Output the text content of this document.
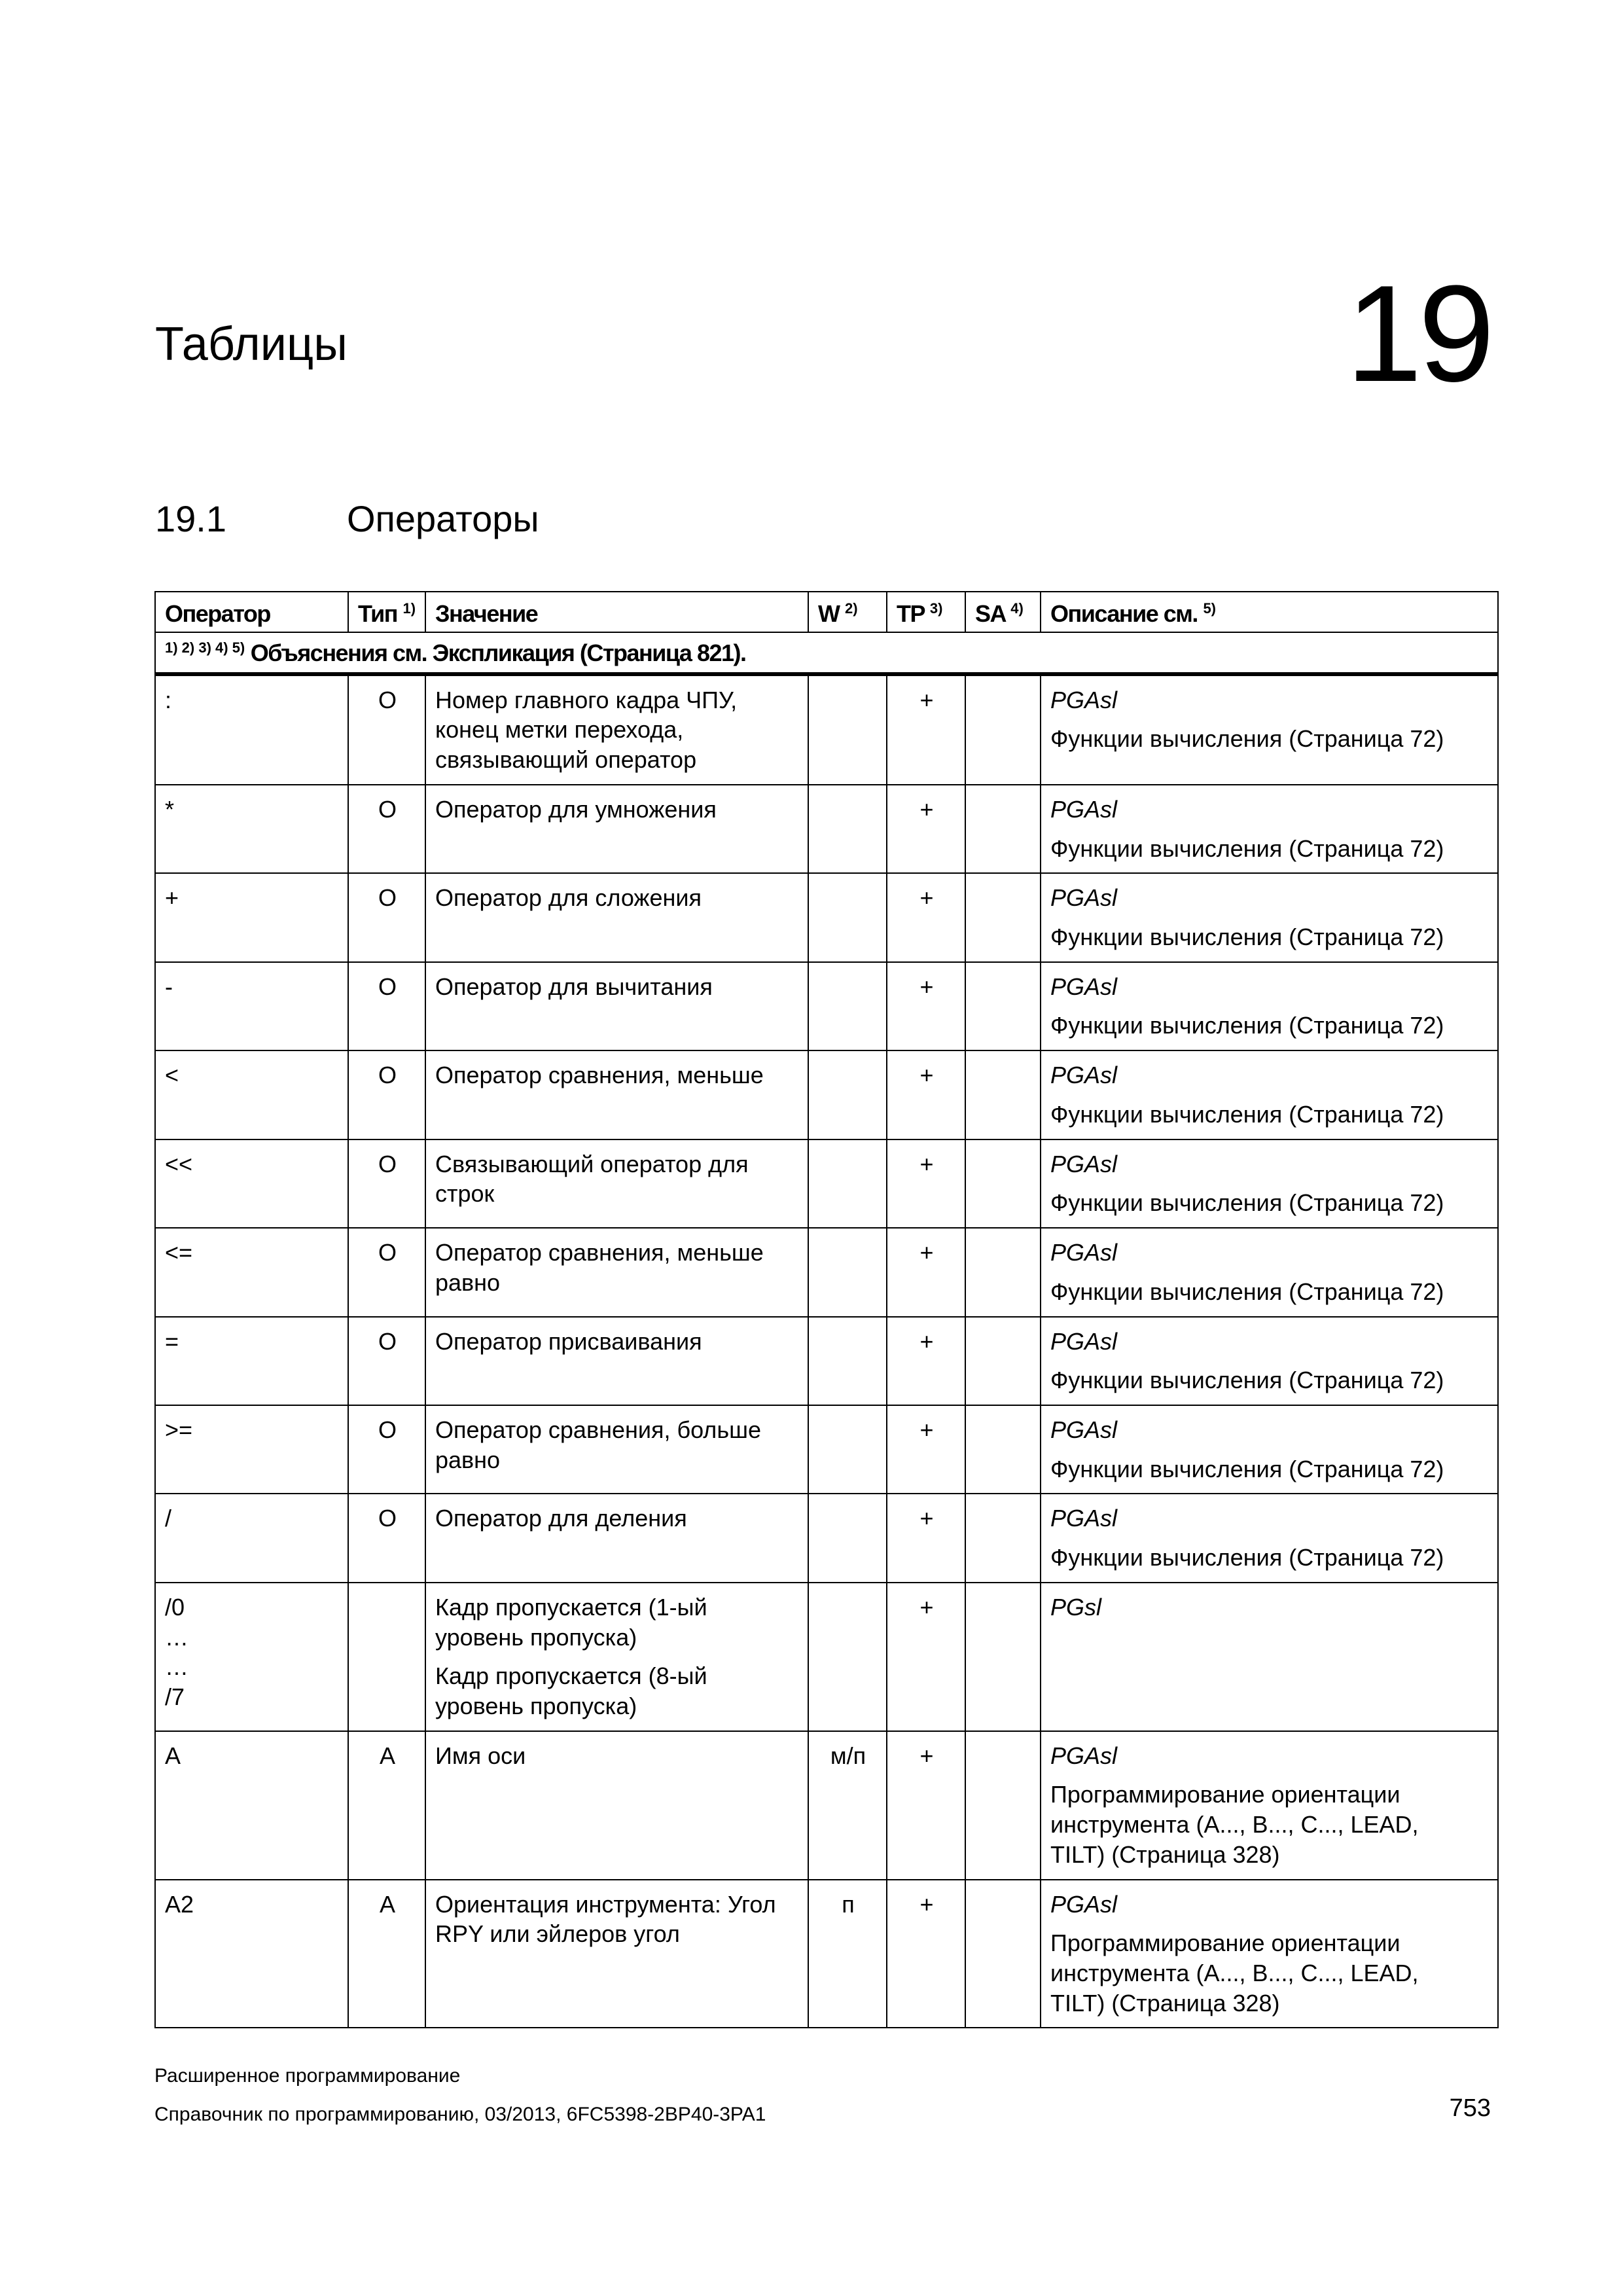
Таблицы	19
19.1	Операторы
Оператор	Тип $^{1)}$	Значение	W $^{2)}$	TP $^{3)}$	SA $^{4)}$	Описание см. $^{5)}$
$^{1) 2) 3) 4) 5)}$ Объяснения см. Экспликация (Страница 821).						
:	O	Номер главного кадра ЧПУ,
конец метки перехода,
связывающий оператор		+		PGAsl
Функции вычисления (Страница 72)

*	O	Оператор для умножения		+		PGAsl
Функции вычисления (Страница 72)

+	O	Оператор для сложения		+		PGAsl
Функции вычисления (Страница 72)

-	O	Оператор для вычитания		+		PGAsl
Функции вычисления (Страница 72)

<	O	Оператор сравнения, меньше		+		PGAsl
Функции вычисления (Страница 72)

<<	O	Связывающий оператор для
строк		+		PGAsl
Функции вычисления (Страница 72)

<=	O	Оператор сравнения, меньше
равно		+		PGAsl
Функции вычисления (Страница 72)

=	O	Оператор присваивания		+		PGAsl
Функции вычисления (Страница 72)

>=	O	Оператор сравнения, больше
равно		+		PGAsl
Функции вычисления (Страница 72)

/	O	Оператор для деления		+		PGAsl
Функции вычисления (Страница 72)

/0
…
…
/7		Кадр пропускается (1-ый
уровень пропуска)
Кадр пропускается (8-ый
уровень пропуска)		+		PGsl

A	A	Имя оси	м/п	+		PGAsl
Программирование ориентации
инструмента (A..., B..., C..., LEAD,
TILT) (Страница 328)

A2	A	Ориентация инструмента: Угол
RPY или эйлеров угол	п	+		PGAsl
Программирование ориентации
инструмента (A..., B..., C..., LEAD,
TILT) (Страница 328)
Расширенное программирование
Справочник по программированию, 03/2013, 6FC5398-2BP40-3PA1	753
